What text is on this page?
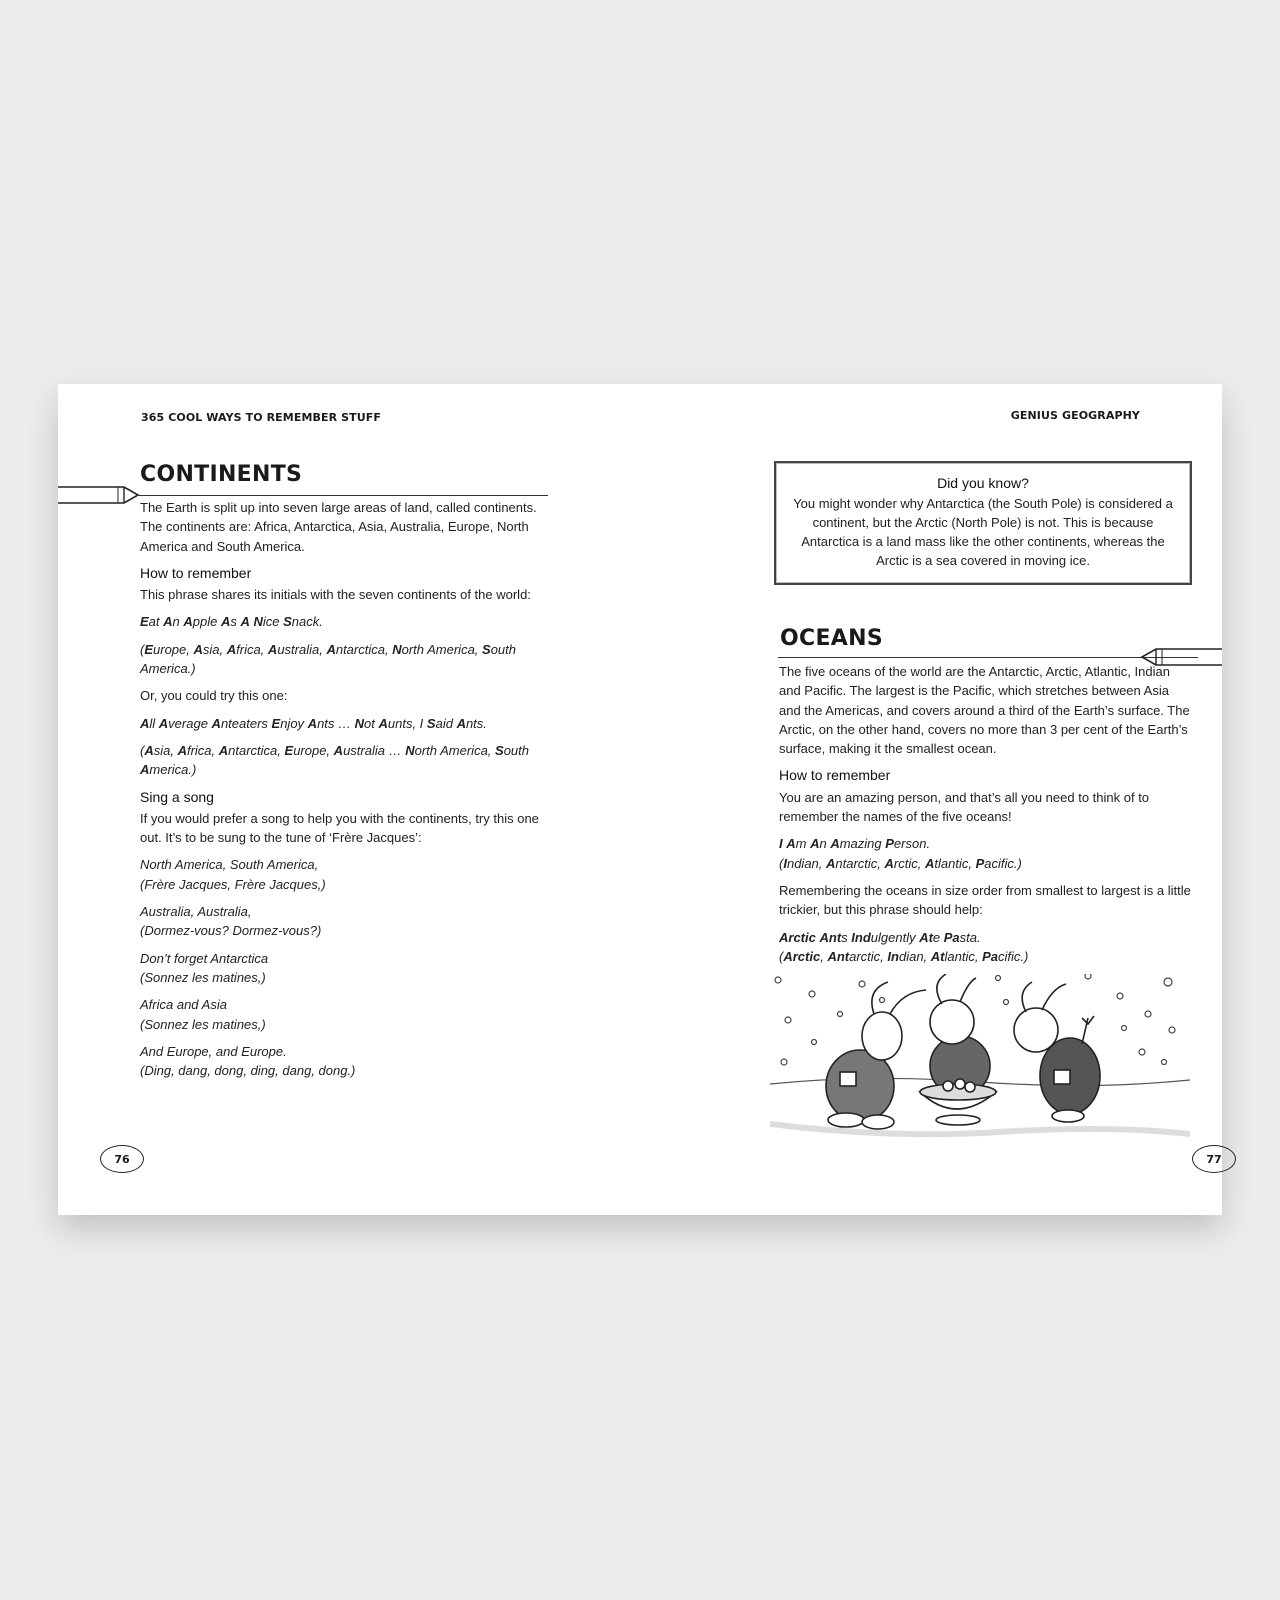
365 COOL WAYS TO REMEMBER STUFF
CONTINENTS

The Earth is split up into seven large areas of land, called continents. The continents are: Africa, Antarctica, Asia, Australia, Europe, North America and South America.

How to remember

This phrase shares its initials with the seven continents of the world:

Eat An Apple As A Nice Snack.

(Europe, Asia, Africa, Australia, Antarctica, North America, South America.)

Or, you could try this one:

All Average Anteaters Enjoy Ants … Not Aunts, I Said Ants.

(Asia, Africa, Antarctica, Europe, Australia … North America, South America.)

Sing a song

If you would prefer a song to help you with the continents, try this one out. It’s to be sung to the tune of ‘Frère Jacques’:

North America, South America,
(Frère Jacques, Frère Jacques,)

Australia, Australia,
(Dormez-vous? Dormez-vous?)

Don’t forget Antarctica
(Sonnez les matines,)

Africa and Asia
(Sonnez les matines,)

And Europe, and Europe.
(Ding, dang, dong, ding, dang, dong.)

76
GENIUS GEOGRAPHY
Did you know?
You might wonder why Antarctica (the South Pole) is considered a continent, but the Arctic (North Pole) is not. This is because Antarctica is a land mass like the other continents, whereas the Arctic is a sea covered in moving ice.
OCEANS

The five oceans of the world are the Antarctic, Arctic, Atlantic, Indian and Pacific. The largest is the Pacific, which stretches between Asia and the Americas, and covers around a third of the Earth’s surface. The Arctic, on the other hand, covers no more than 3 per cent of the Earth’s surface, making it the smallest ocean.

How to remember

You are an amazing person, and that’s all you need to think of to remember the names of the five oceans!

I Am An Amazing Person.

(Indian, Antarctic, Arctic, Atlantic, Pacific.)

Remembering the oceans in size order from smallest to largest is a little trickier, but this phrase should help:

Arctic Ants Indulgently Ate Pasta.

(Arctic, Antarctic, Indian, Atlantic, Pacific.)

77
